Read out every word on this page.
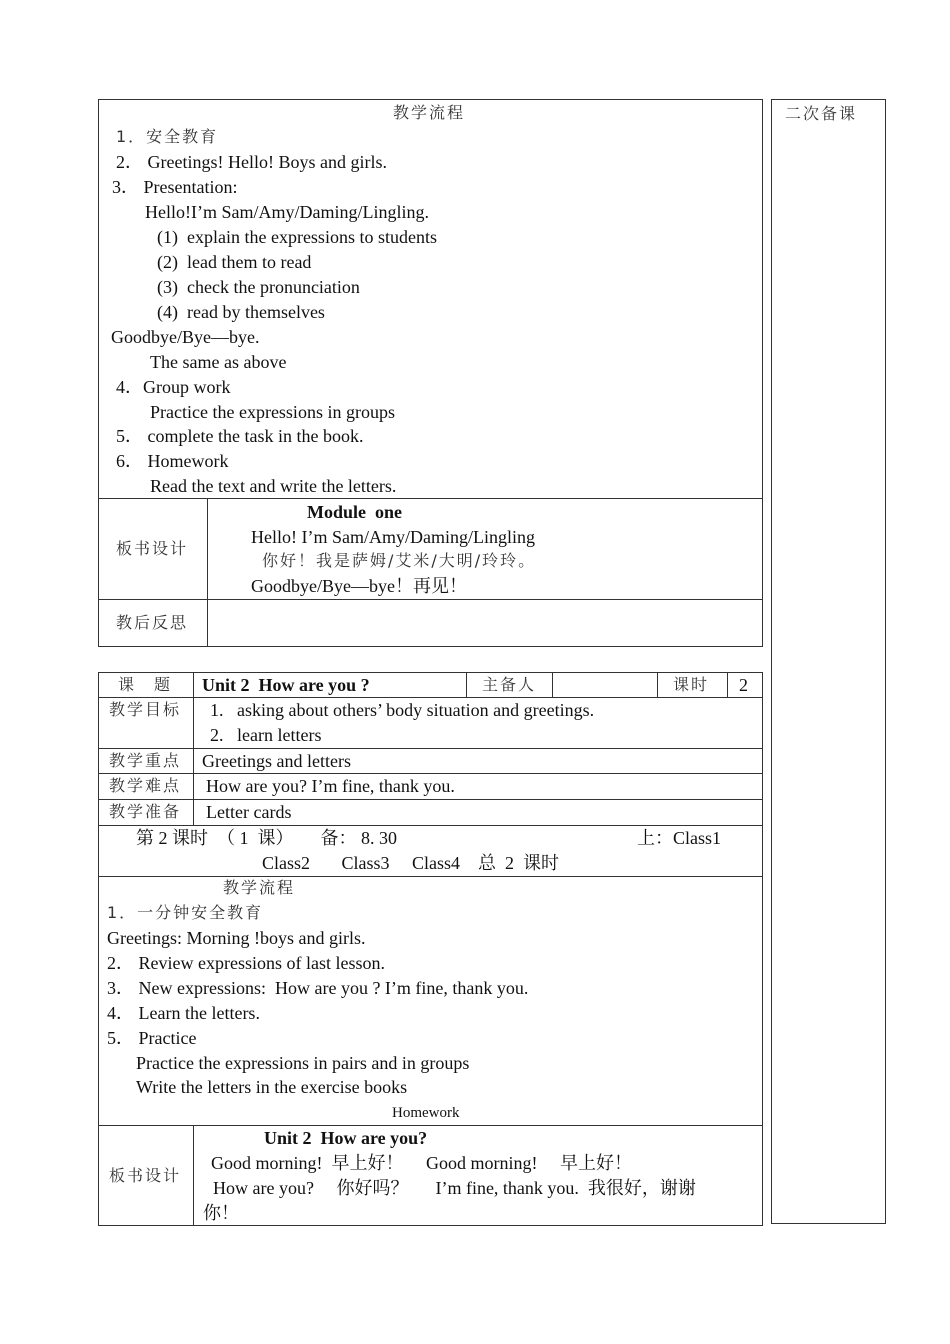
教学流程
1．安全教育
2． Greetings! Hello! Boys and girls.
3． Presentation:
Hello!I’m Sam/Amy/Daming/Lingling.
(1)  explain the expressions to students
(2)  lead them to read
(3)  check the pronunciation
(4)  read by themselves
Goodbye/Bye—bye.
The same as above
4．Group work
Practice the expressions in groups
5． complete the task in the book.
6． Homework
Read the text and write the letters.
板书设计
Module  one
Hello! I’m Sam/Amy/Daming/Lingling
你好！我是萨姆/艾米/大明/玲玲。
Goodbye/Bye—bye！再见！
教后反思
二次备课
课　题 Unit 2  How are you ?	主备人	课时 2
教学目标 1.   asking about others’ body situation and greetings.
2.   learn letters
教学重点 Greetings and letters
教学难点 How are you? I’m fine, thank you.
教学准备 Letter cards
第 2 课时　（ 1  课）　　备： 8. 30	上：Class1
Class2       Class3     Class4    总  2  课时
教学流程
1．一分钟安全教育
Greetings: Morning !boys and girls.
2． Review expressions of last lesson.
3． New expressions:  How are you ? I’m fine, thank you.
4． Learn the letters.
5． Practice
Practice the expressions in pairs and in groups
Write the letters in the exercise books
Homework
板书设计
Unit 2  How are you?
Good morning!  早上好！     Good morning!     早上好！
How are you?     你好吗？      I’m fine, thank you.  我很好，谢谢
你！
